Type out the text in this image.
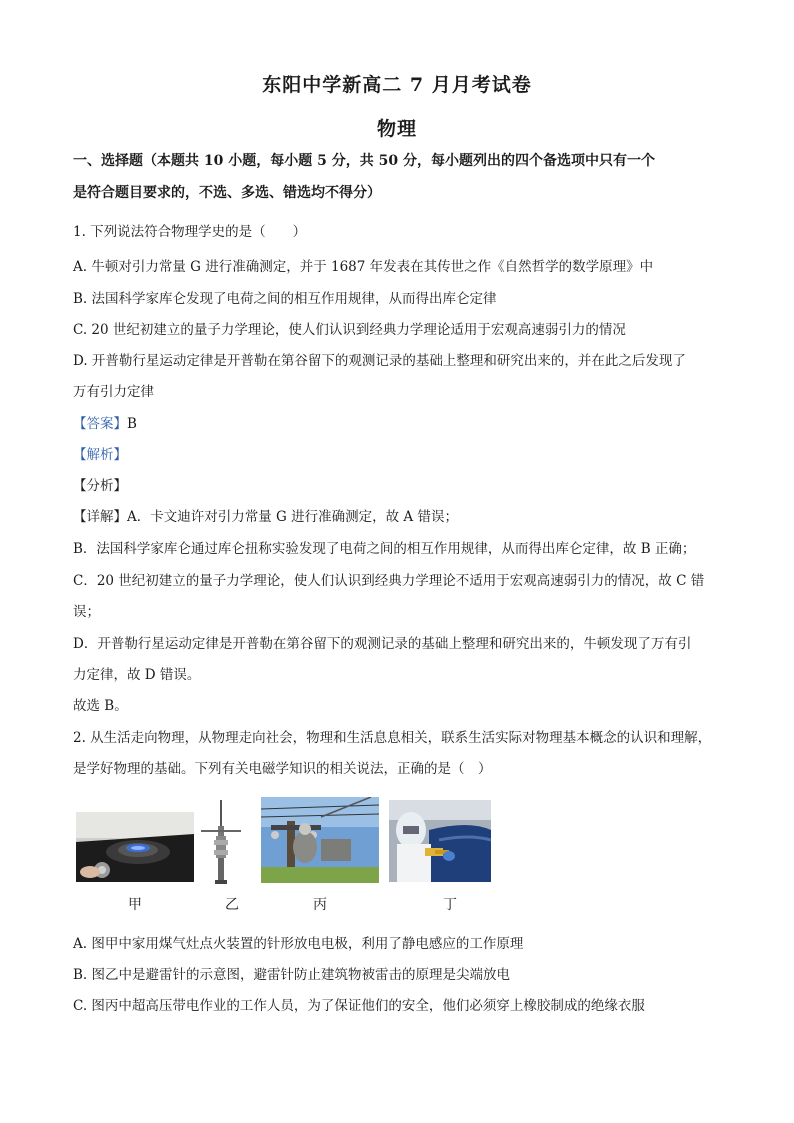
东阳中学新高二 7 月月考试卷
物理
一、选择题（本题共 10 小题，每小题 5 分，共 50 分，每小题列出的四个备选项中只有一个
是符合题目要求的，不选、多选、错选均不得分）
1. 下列说法符合物理学史的是（　　）
A. 牛顿对引力常量 G 进行准确测定，并于 1687 年发表在其传世之作《自然哲学的数学原理》中
B. 法国科学家库仑发现了电荷之间的相互作用规律，从而得出库仑定律
C. 20 世纪初建立的量子力学理论，使人们认识到经典力学理论适用于宏观高速弱引力的情况
D. 开普勒行星运动定律是开普勒在第谷留下的观测记录的基础上整理和研究出来的，并在此之后发现了
万有引力定律
【答案】B
【解析】
【分析】
【详解】A．卡文迪许对引力常量 G 进行准确测定，故 A 错误；
B．法国科学家库仑通过库仑扭称实验发现了电荷之间的相互作用规律，从而得出库仑定律，故 B 正确；
C．20 世纪初建立的量子力学理论，使人们认识到经典力学理论不适用于宏观高速弱引力的情况，故 C 错
误；
D．开普勒行星运动定律是开普勒在第谷留下的观测记录的基础上整理和研究出来的，牛顿发现了万有引
力定律，故 D 错误。
故选 B。
2. 从生活走向物理，从物理走向社会，物理和生活息息相关，联系生活实际对物理基本概念的认识和理解，
是学好物理的基础。下列有关电磁学知识的相关说法，正确的是（　）
甲	乙	丙	丁
A. 图甲中家用煤气灶点火装置的针形放电电极，利用了静电感应的工作原理
B. 图乙中是避雷针的示意图，避雷针防止建筑物被雷击的原理是尖端放电
C. 图丙中超高压带电作业的工作人员，为了保证他们的安全，他们必须穿上橡胶制成的绝缘衣服
